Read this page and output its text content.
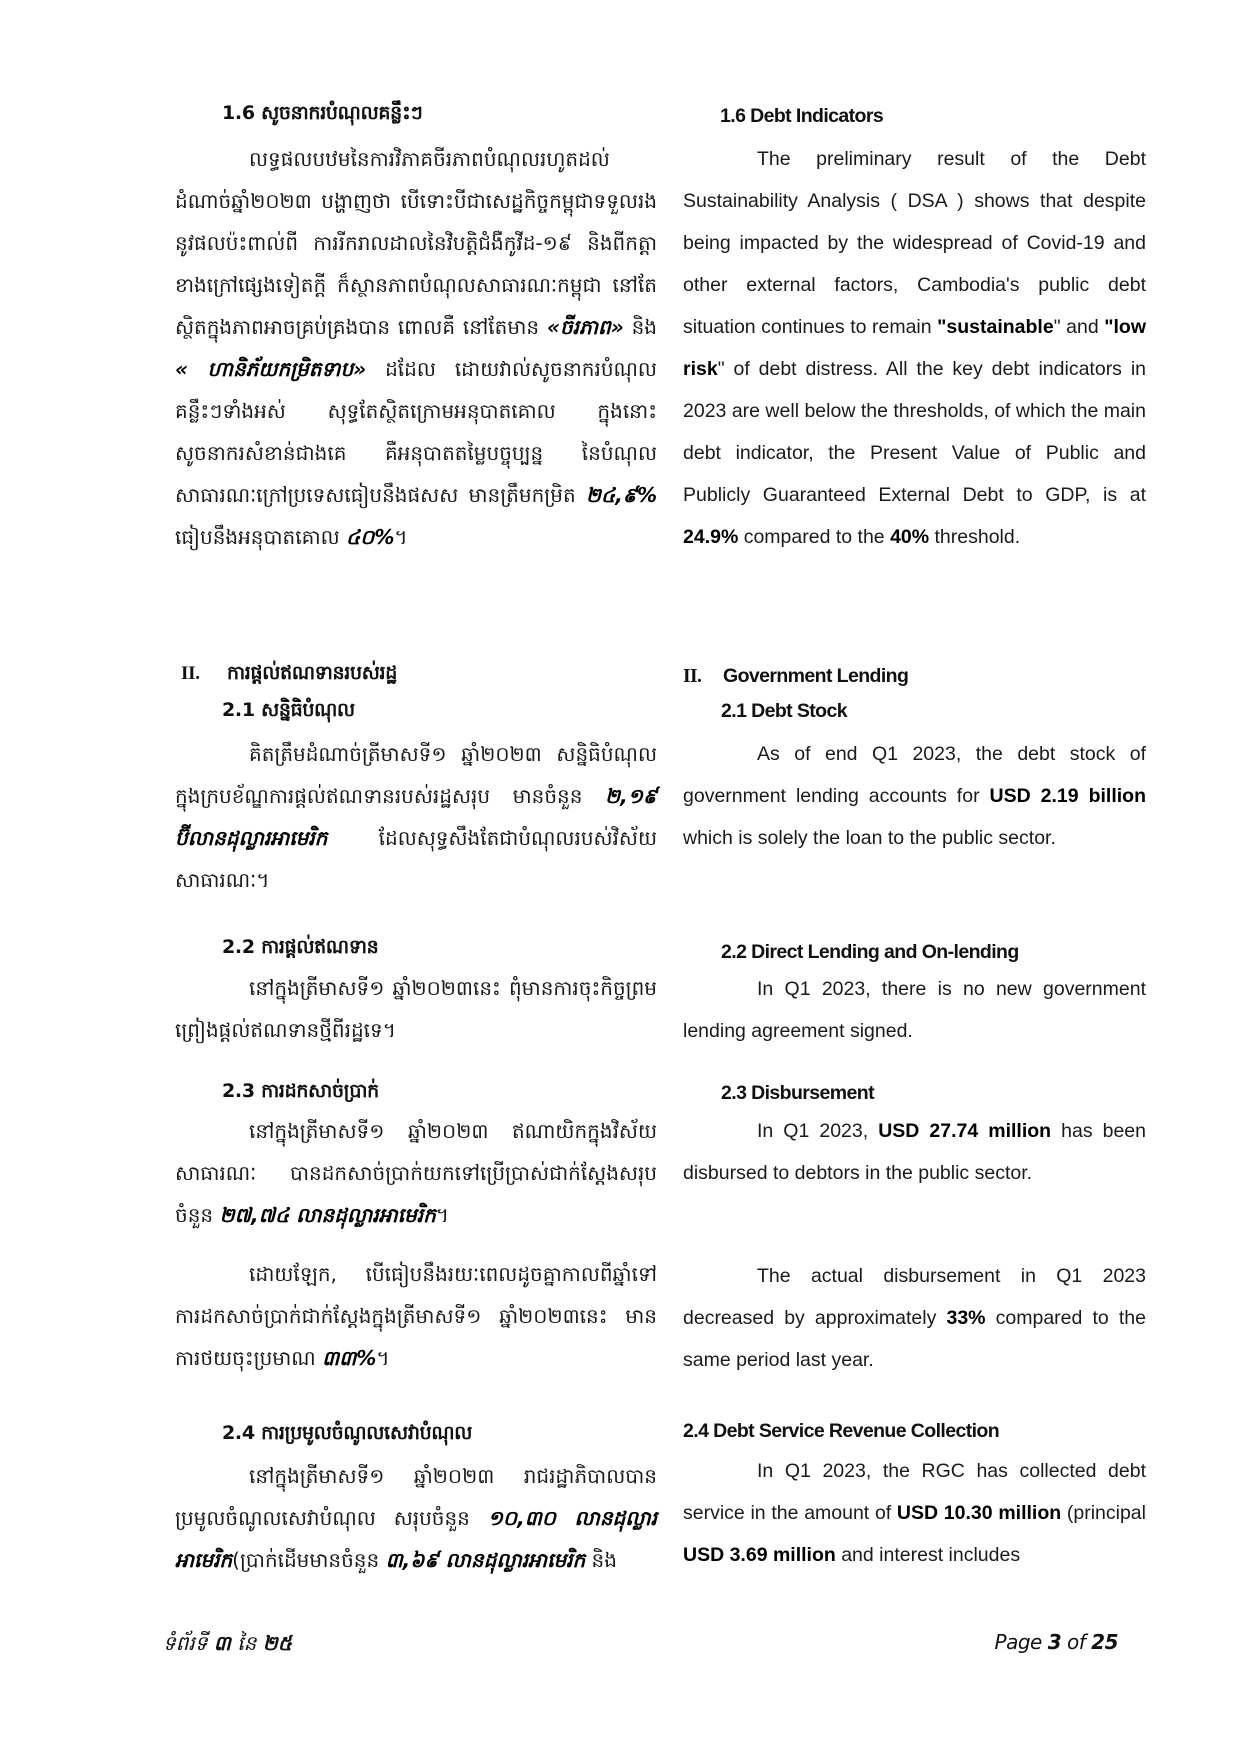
1.6 សូចនាករបំណុលគន្លឹះៗ
លទ្ធផលបឋមនៃការវិភាគចីរភាពបំណុលរហូតដល់ដំណាច់ឆ្នាំ២០២៣ បង្ហាញថា បើទោះបីជាសេដ្ឋកិច្ចកម្ពុជាទទួលរងនូវផលប៉ះពាល់ពី ការរីករាលដាលនៃវិបត្តិជំងឺកូវីដ-១៩ និងពីកត្តាខាងក្រៅផ្សេងទៀតក្តី ក៏ស្ថានភាពបំណុលសាធារណៈកម្ពុជា នៅតែស្ថិតក្នុងភាពអាចគ្រប់គ្រងបាន ពោលគឺ នៅតែមាន «ចីរភាព» និង « ហានិភ័យកម្រិតទាប» ដដែល ដោយវាល់សូចនាករបំណុលគន្លឹះៗទាំងអស់ សុទ្ធតែស្ថិតក្រោមអនុបាតគោល ក្នុងនោះ សូចនាករសំខាន់ជាងគេ គឺអនុបាតតម្លៃបច្ចុប្បន្ន នៃបំណុលសាធារណៈក្រៅប្រទេសធៀបនឹងផសស មានត្រឹមកម្រិត ២៤,៩% ធៀបនឹងអនុបាតគោល ៤០%។
II. ការផ្តល់ឥណទានរបស់រដ្ឋ
2.1 សន្និធិបំណុល
គិតត្រឹមដំណាច់ត្រីមាសទី១ ឆ្នាំ២០២៣ សន្និធិបំណុលក្នុងក្របខ័ណ្ឌការផ្តល់ឥណទានរបស់រដ្ឋសរុប មានចំនួន ២,១៩ ប៊ីលានដុល្លារអាមេរិក ដែលសុទ្ធសឹងតែជាបំណុលរបស់វិស័យសាធារណៈ។
2.2 ការផ្តល់ឥណទាន
នៅក្នុងត្រីមាសទី១ ឆ្នាំ២០២៣នេះ ពុំមានការចុះកិច្ចព្រមព្រៀងផ្តល់ឥណទានថ្មីពីរដ្ឋទេ។
2.3 ការដកសាច់ប្រាក់
នៅក្នុងត្រីមាសទី១ ឆ្នាំ២០២៣ ឥណាយិកក្នុងវិស័យសាធារណៈ បានដកសាច់ប្រាក់យកទៅប្រើប្រាស់ជាក់ស្តែងសរុបចំនួន ២៧,៧៤ លានដុល្លារអាមេរិក។
ដោយឡែក, បើធៀបនឹងរយៈពេលដូចគ្នាកាលពីឆ្នាំទៅ ការដកសាច់ប្រាក់ជាក់ស្តែងក្នុងត្រីមាសទី១ ឆ្នាំ២០២៣នេះ មានការថយចុះប្រមាណ ៣៣%។
2.4 ការប្រមូលចំណូលសេវាបំណុល
នៅក្នុងត្រីមាសទី១ ឆ្នាំ២០២៣ រាជរដ្ឋាភិបាលបានប្រមូលចំណូលសេវាបំណុល សរុបចំនួន ១០,៣០ លានដុល្លារអាមេរិក(ប្រាក់ដើមមានចំនួន ៣,៦៩ លានដុល្លារអាមេរិក និង
1.6 Debt Indicators
The preliminary result of the Debt Sustainability Analysis ( DSA ) shows that despite being impacted by the widespread of Covid-19 and other external factors, Cambodia's public debt situation continues to remain "sustainable" and "low risk" of debt distress. All the key debt indicators in 2023 are well below the thresholds, of which the main debt indicator, the Present Value of Public and Publicly Guaranteed External Debt to GDP, is at 24.9% compared to the 40% threshold.
II. Government Lending
2.1 Debt Stock
As of end Q1 2023, the debt stock of government lending accounts for USD 2.19 billion which is solely the loan to the public sector.
2.2 Direct Lending and On-lending
In Q1 2023, there is no new government lending agreement signed.
2.3 Disbursement
In Q1 2023, USD 27.74 million has been disbursed to debtors in the public sector.
The actual disbursement in Q1 2023 decreased by approximately 33% compared to the same period last year.
2.4 Debt Service Revenue Collection
In Q1 2023, the RGC has collected debt service in the amount of USD 10.30 million (principal USD 3.69 million and interest includes
ទំព័រទី ៣ នៃ ២៥	Page 3 of 25
